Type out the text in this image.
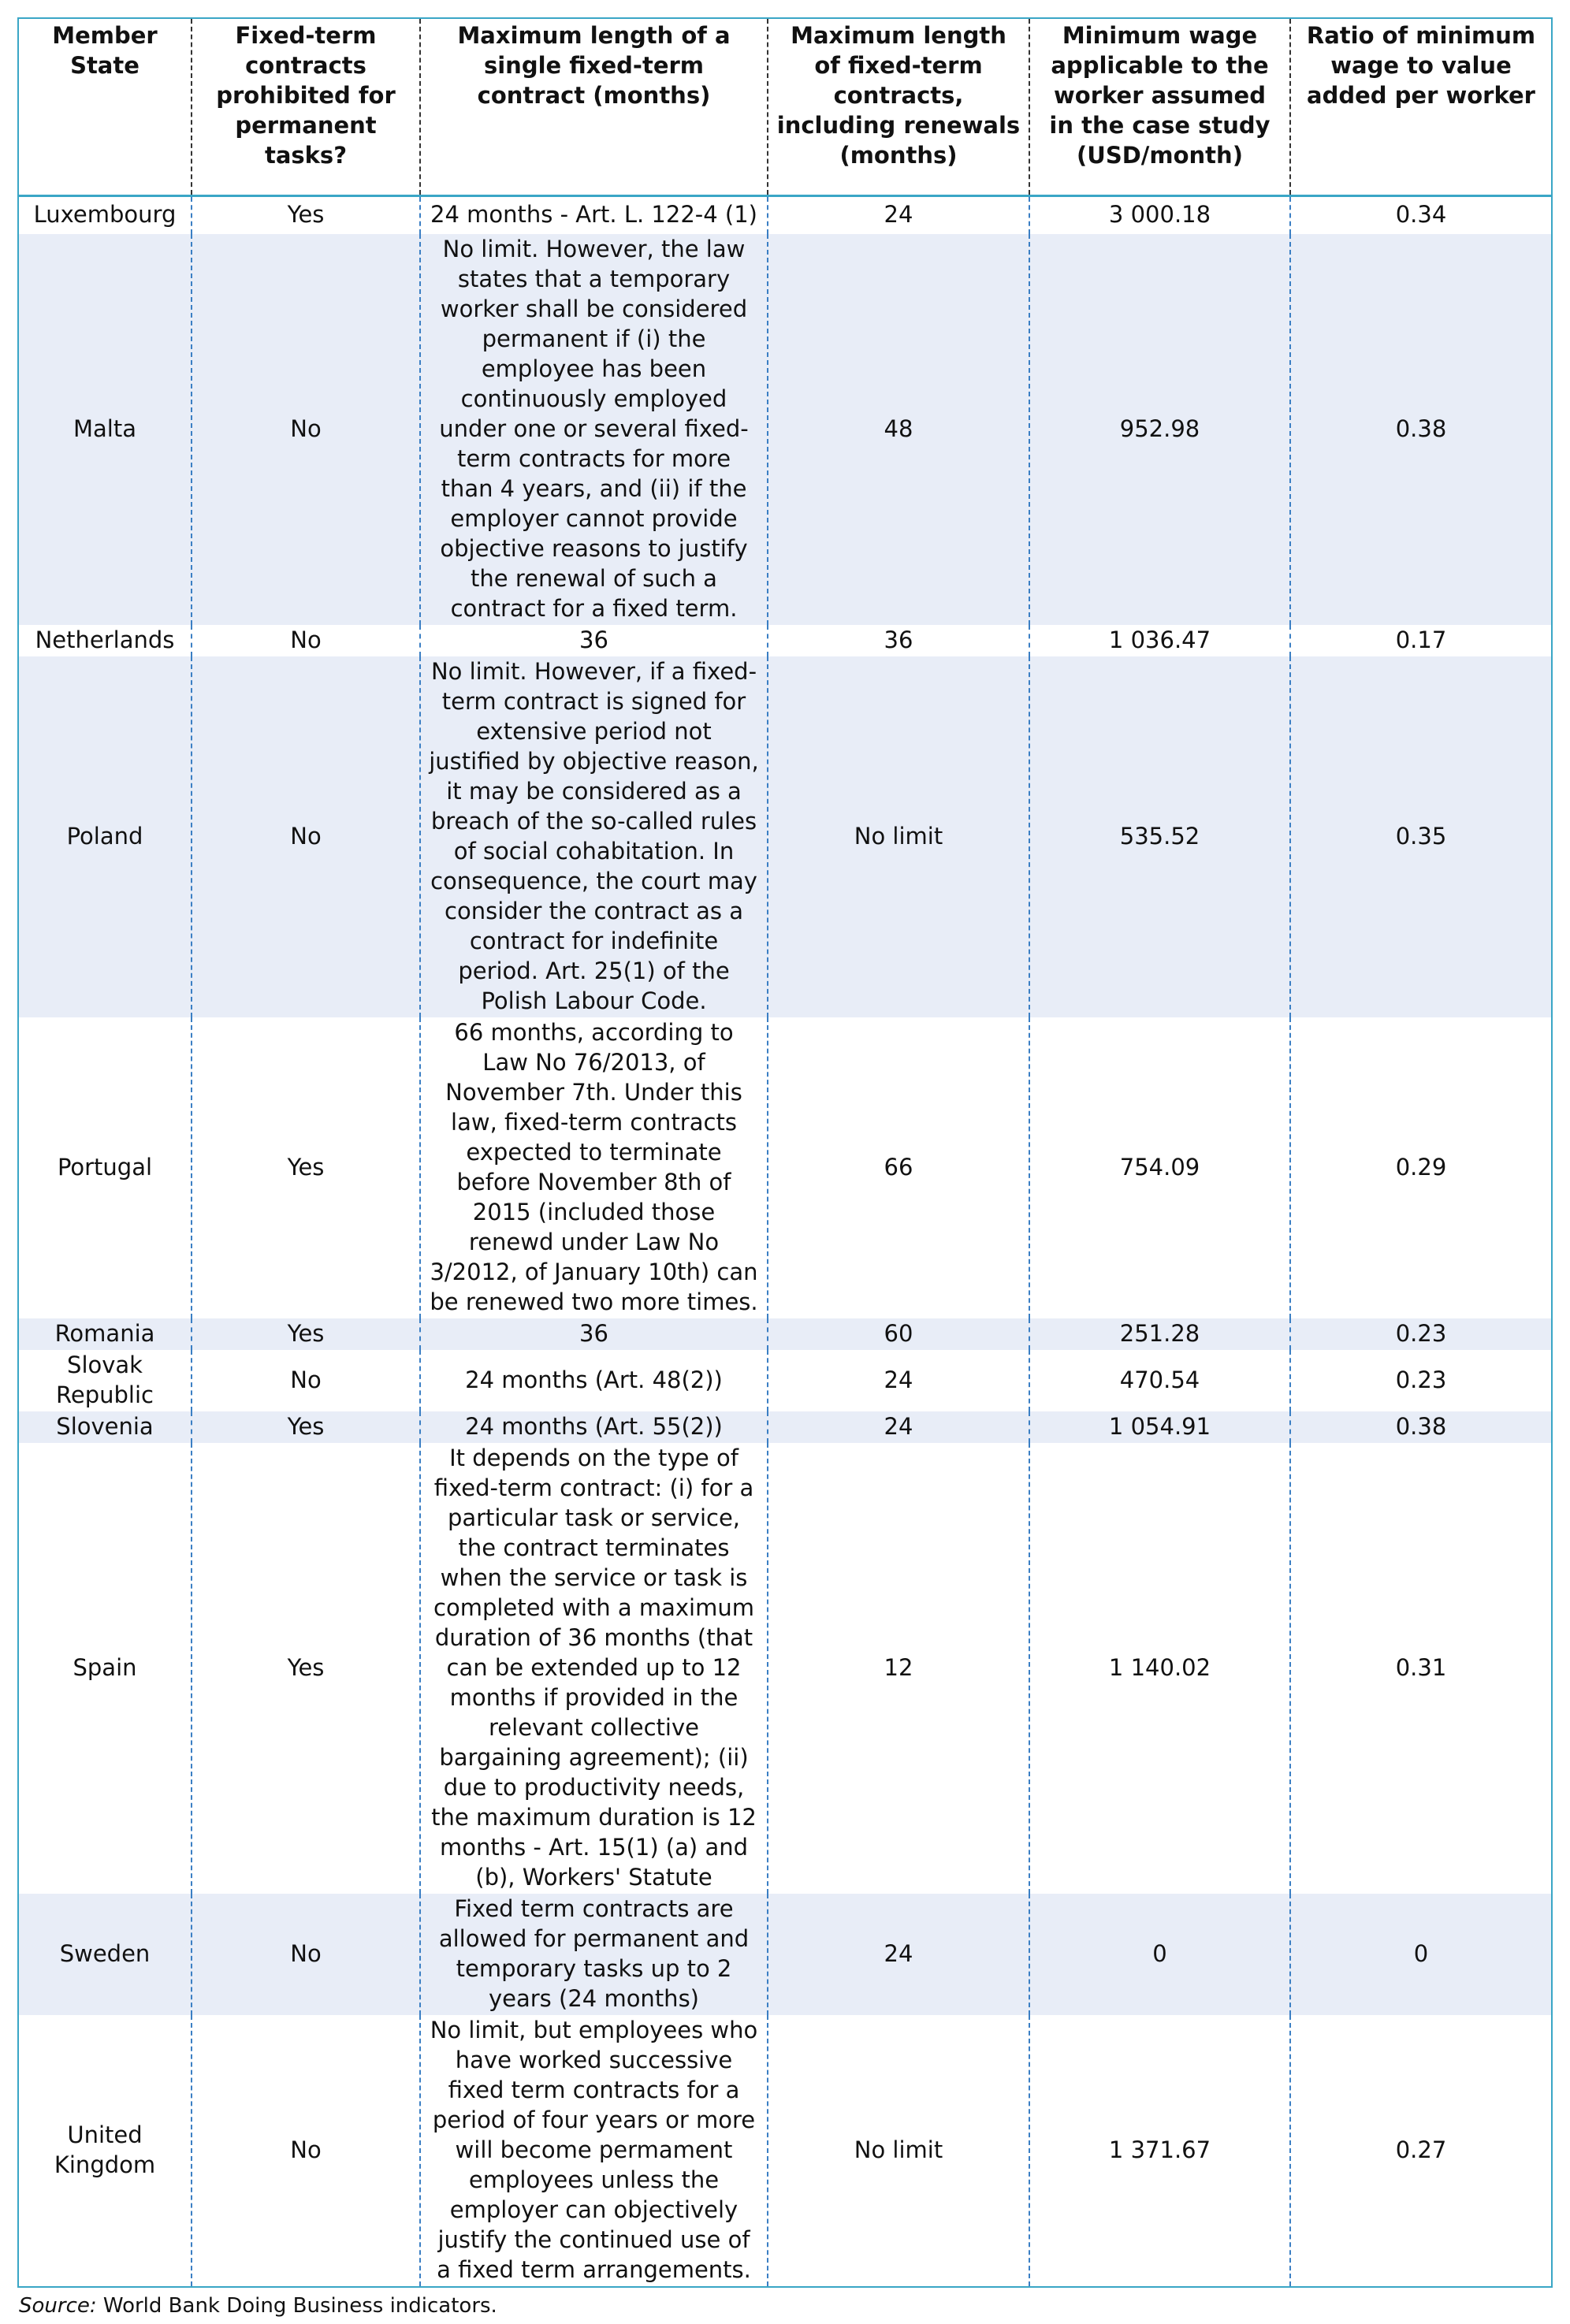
Member State	Fixed-term contracts prohibited for permanent tasks?	Maximum length of a single fixed-term contract (months)	Maximum length of fixed-term contracts, including renewals (months)	Minimum wage applicable to the worker assumed in the case study (USD/month)	Ratio of minimum wage to value added per worker
Luxembourg	Yes	24 months - Art. L. 122-4 (1)	24	3 000.18	0.34
Malta	No	No limit. However, the law states that a temporary worker shall be considered permanent if (i) the employee has been continuously employed under one or several fixed-term contracts for more than 4 years, and (ii) if the employer cannot provide objective reasons to justify the renewal of such a contract for a fixed term.	48	952.98	0.38
Netherlands	No	36	36	1 036.47	0.17
Poland	No	No limit. However, if a fixed-term contract is signed for extensive period not justified by objective reason, it may be considered as a breach of the so-called rules of social cohabitation. In consequence, the court may consider the contract as a contract for indefinite period. Art. 25(1) of the Polish Labour Code.	No limit	535.52	0.35
Portugal	Yes	66 months, according to Law No 76/2013, of November 7th. Under this law, fixed-term contracts expected to terminate before November 8th of 2015 (included those renewd under Law No 3/2012, of January 10th) can be renewed two more times.	66	754.09	0.29
Romania	Yes	36	60	251.28	0.23
Slovak Republic	No	24 months (Art. 48(2))	24	470.54	0.23
Slovenia	Yes	24 months (Art. 55(2))	24	1 054.91	0.38
Spain	Yes	It depends on the type of fixed-term contract: (i) for a particular task or service, the contract terminates when the service or task is completed with a maximum duration of 36 months (that can be extended up to 12 months if provided in the relevant collective bargaining agreement); (ii) due to productivity needs, the maximum duration is 12 months - Art. 15(1) (a) and (b), Workers' Statute	12	1 140.02	0.31
Sweden	No	Fixed term contracts are allowed for permanent and temporary tasks up to 2 years (24 months)	24	0	0
United Kingdom	No	No limit, but employees who have worked successive fixed term contracts for a period of four years or more will become permament employees unless the employer can objectively justify the continued use of a fixed term arrangements.	No limit	1 371.67	0.27
Source: World Bank Doing Business indicators.
